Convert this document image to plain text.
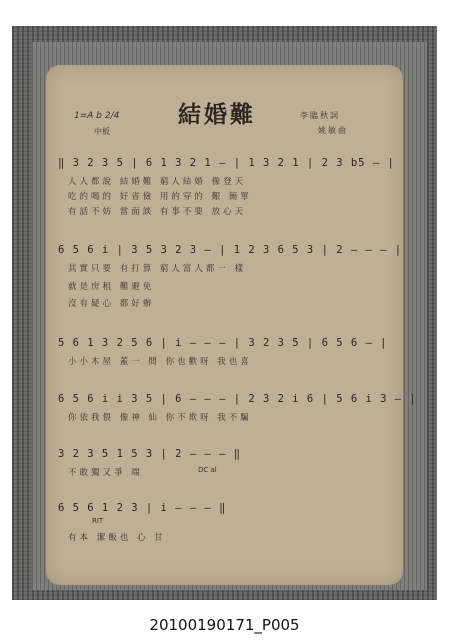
結婚難
1=A b 2/4
中板
李臨秋詞
姚敏曲
‖ 3 2 3 5 | 6 1 3 2 1 — | 1 3 2 1 | 2 3 b5 — |
人人都說 結婚難 窮人結婚 像登天
吃的喝的 好省儉 用的穿的 艱 簡單
有話不妨 當面談 有事不要 放心天
6 5 6 i | 3 5 3 2 3 — | 1 2 3 6 5 3 | 2 — — — |
其實只要 有打算 窮人富人都一 樣
就是房租 難避免
沒有疑心 都好辦
5 6 1 3 2 5 6 | i — — — | 3 2 3 5 | 6 5 6 — |
小小木屋 蓋一 間 你也歡呀 我也喜
6 5 6 i i 3 5 | 6 — — — | 2 3 2 i 6 | 5 6 i 3 — |
你依我偎 像神 仙 你不欺呀 我不騙
3 2 3 5 1 5 3 | 2 — — — ‖
不敢獨又爭 端	DC al
6 5 6 1 2 3 | i — — — ‖
RIT
有本 潔飯也 心 甘
20100190171_P005
